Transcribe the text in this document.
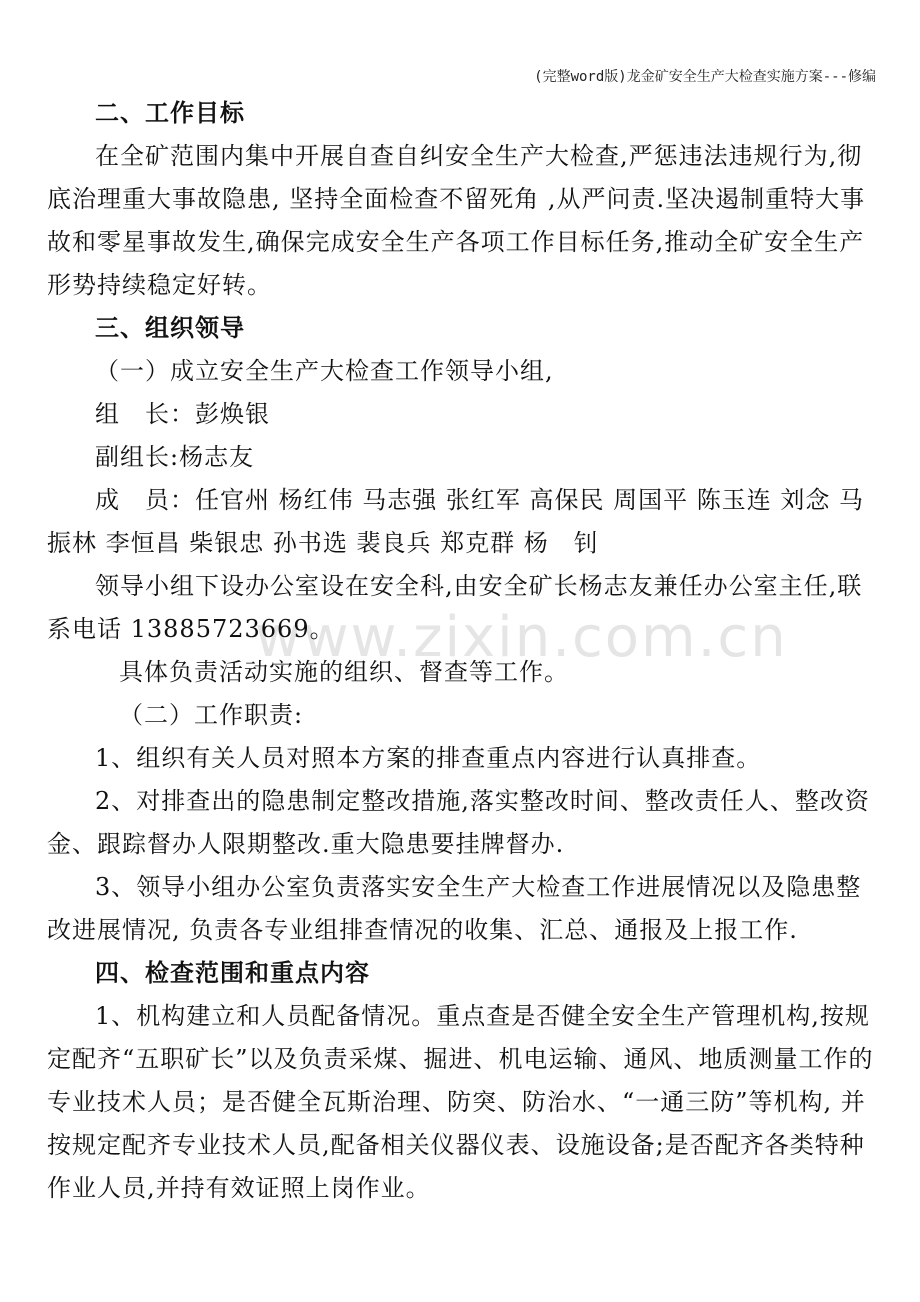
(完整word版)龙金矿安全生产大检查实施方案---修编
www.zixin.com.cn

二、工作目标

在全矿范围内集中开展自查自纠安全生产大检查,严惩违法违规行为,彻底治理重大事故隐患, 坚持全面检查不留死角 ,从严问责.坚决遏制重特大事故和零星事故发生,确保完成安全生产各项工作目标任务,推动全矿安全生产形势持续稳定好转。

三、组织领导

（一）成立安全生产大检查工作领导小组,

组　长：彭焕银

副组长:杨志友

成　员：任官州 杨红伟 马志强 张红军 高保民 周国平 陈玉连 刘念 马振林 李恒昌 柴银忠 孙书选 裴良兵 郑克群 杨　钊

领导小组下设办公室设在安全科,由安全矿长杨志友兼任办公室主任,联系电话 13885723669。

具体负责活动实施的组织、督查等工作。

（二）工作职责:

1、组织有关人员对照本方案的排查重点内容进行认真排查。

2、对排查出的隐患制定整改措施,落实整改时间、整改责任人、整改资金、跟踪督办人限期整改.重大隐患要挂牌督办.

3、领导小组办公室负责落实安全生产大检查工作进展情况以及隐患整改进展情况, 负责各专业组排查情况的收集、汇总、通报及上报工作.

四、检查范围和重点内容

1、机构建立和人员配备情况。重点查是否健全安全生产管理机构,按规定配齐“五职矿长”以及负责采煤、掘进、机电运输、通风、地质测量工作的专业技术人员；是否健全瓦斯治理、防突、防治水、“一通三防”等机构, 并按规定配齐专业技术人员,配备相关仪器仪表、设施设备;是否配齐各类特种作业人员,并持有效证照上岗作业。
